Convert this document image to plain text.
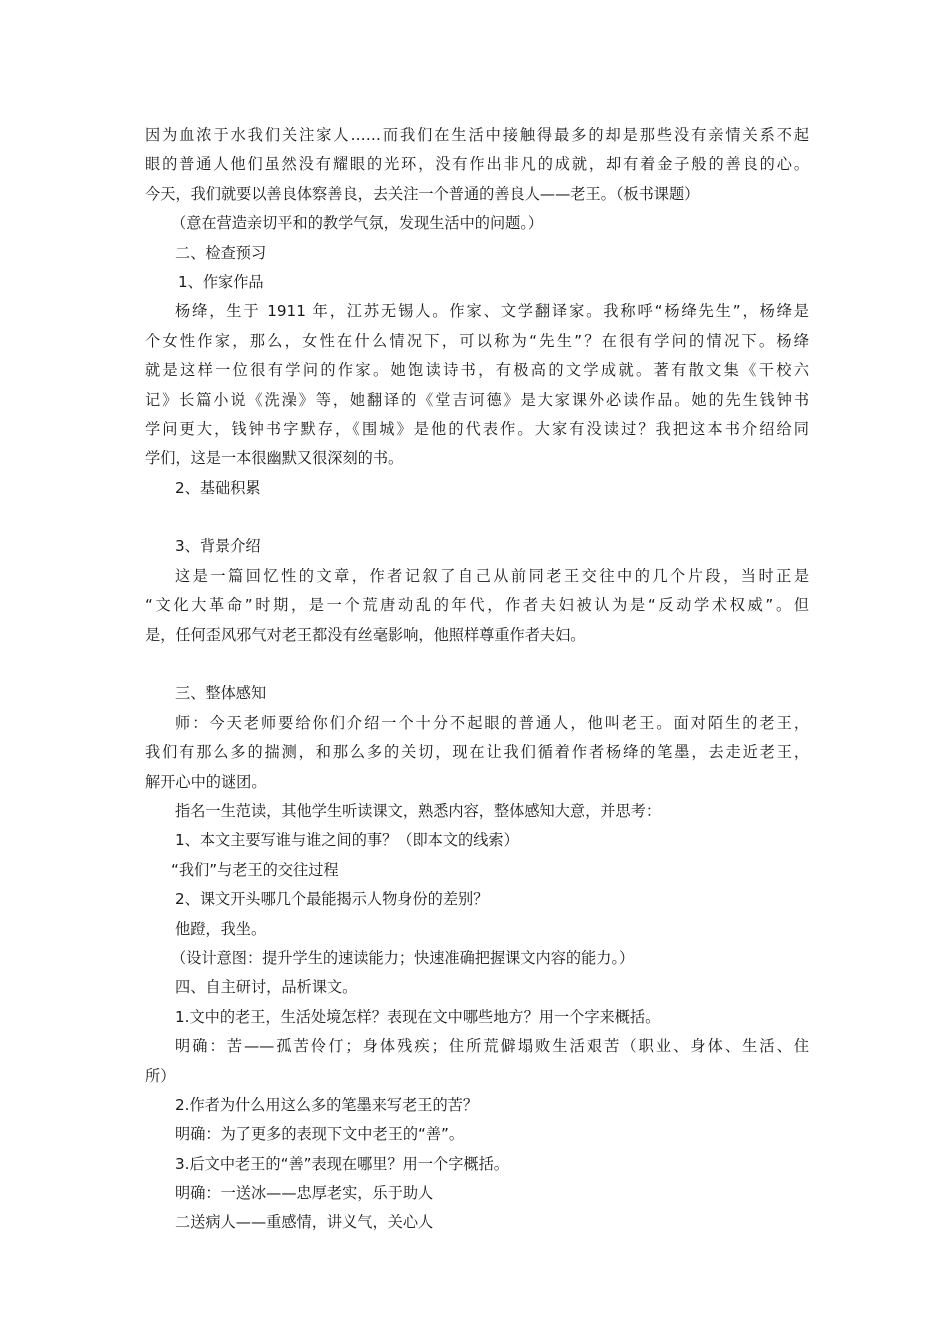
因为血浓于水我们关注家人……而我们在生活中接触得最多的却是那些没有亲情关系不起
眼的普通人他们虽然没有耀眼的光环，没有作出非凡的成就，却有着金子般的善良的心。
今天，我们就要以善良体察善良，去关注一个普通的善良人——老王。（板书课题）
（意在营造亲切平和的教学气氛，发现生活中的问题。）
二、检查预习
1、作家作品
杨绛，生于 1911 年，江苏无锡人。作家、文学翻译家。我称呼“杨绛先生”，杨绛是
个女性作家，那么，女性在什么情况下，可以称为“先生”？在很有学问的情况下。杨绛
就是这样一位很有学问的作家。她饱读诗书，有极高的文学成就。著有散文集《干校六
记》长篇小说《洗澡》等，她翻译的《堂吉诃德》是大家课外必读作品。她的先生钱钟书
学问更大，钱钟书字默存，《围城》是他的代表作。大家有没读过？我把这本书介绍给同
学们，这是一本很幽默又很深刻的书。
2、基础积累
3、背景介绍
这是一篇回忆性的文章，作者记叙了自己从前同老王交往中的几个片段，当时正是
“文化大革命”时期，是一个荒唐动乱的年代，作者夫妇被认为是“反动学术权威”。但
是，任何歪风邪气对老王都没有丝毫影响，他照样尊重作者夫妇。
三、整体感知
师：今天老师要给你们介绍一个十分不起眼的普通人，他叫老王。面对陌生的老王，
我们有那么多的揣测，和那么多的关切，现在让我们循着作者杨绛的笔墨，去走近老王，
解开心中的谜团。
指名一生范读，其他学生听读课文，熟悉内容，整体感知大意，并思考：
1、本文主要写谁与谁之间的事？（即本文的线索）
“我们”与老王的交往过程
2、课文开头哪几个最能揭示人物身份的差别？
他蹬，我坐。
（设计意图：提升学生的速读能力；快速准确把握课文内容的能力。）
四、自主研讨，品析课文。
1.文中的老王，生活处境怎样？表现在文中哪些地方？用一个字来概括。
明确：苦——孤苦伶仃；身体残疾；住所荒僻塌败生活艰苦（职业、身体、生活、住
所）
2.作者为什么用这么多的笔墨来写老王的苦？
明确：为了更多的表现下文中老王的“善”。
3.后文中老王的“善”表现在哪里？用一个字概括。
明确：一送冰——忠厚老实，乐于助人
二送病人——重感情，讲义气，关心人
